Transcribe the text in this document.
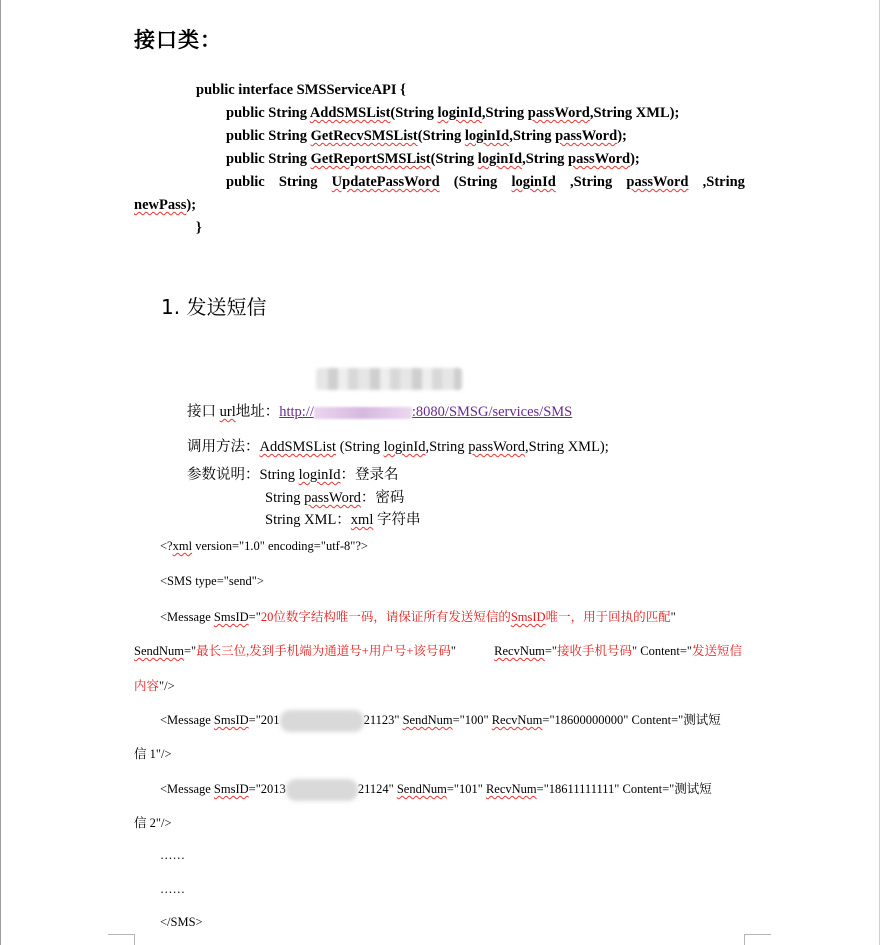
接口类：
public interface SMSServiceAPI {
public String AddSMSList(String loginId,String passWord,String XML);
public String GetRecvSMSList(String loginId,String passWord);
public String GetReportSMSList(String loginId,String passWord);
public String UpdatePassWord (String loginId ,String passWord ,String
newPass);
}
1. 发送短信
接口 url地址：http://	:8080/SMSG/services/SMS
调用方法：AddSMSList (String loginId,String passWord,String XML);
参数说明：String loginId：登录名
String passWord：密码
String XML：xml 字符串
<?xml version="1.0" encoding="utf-8"?>
<SMS type="send">
<Message SmsID="20位数字结构唯一码，请保证所有发送短信的SmsID唯一，用于回执的匹配"
SendNum="最长三位,发到手机端为通道号+用户号+该号码"	RecvNum="接收手机号码" Content="发送短信
内容"/>
<Message SmsID="201	21123" SendNum="100" RecvNum="18600000000" Content="测试短
信 1"/>
<Message SmsID="2013	21124" SendNum="101" RecvNum="18611111111" Content="测试短
信 2"/>
……
……
</SMS>
